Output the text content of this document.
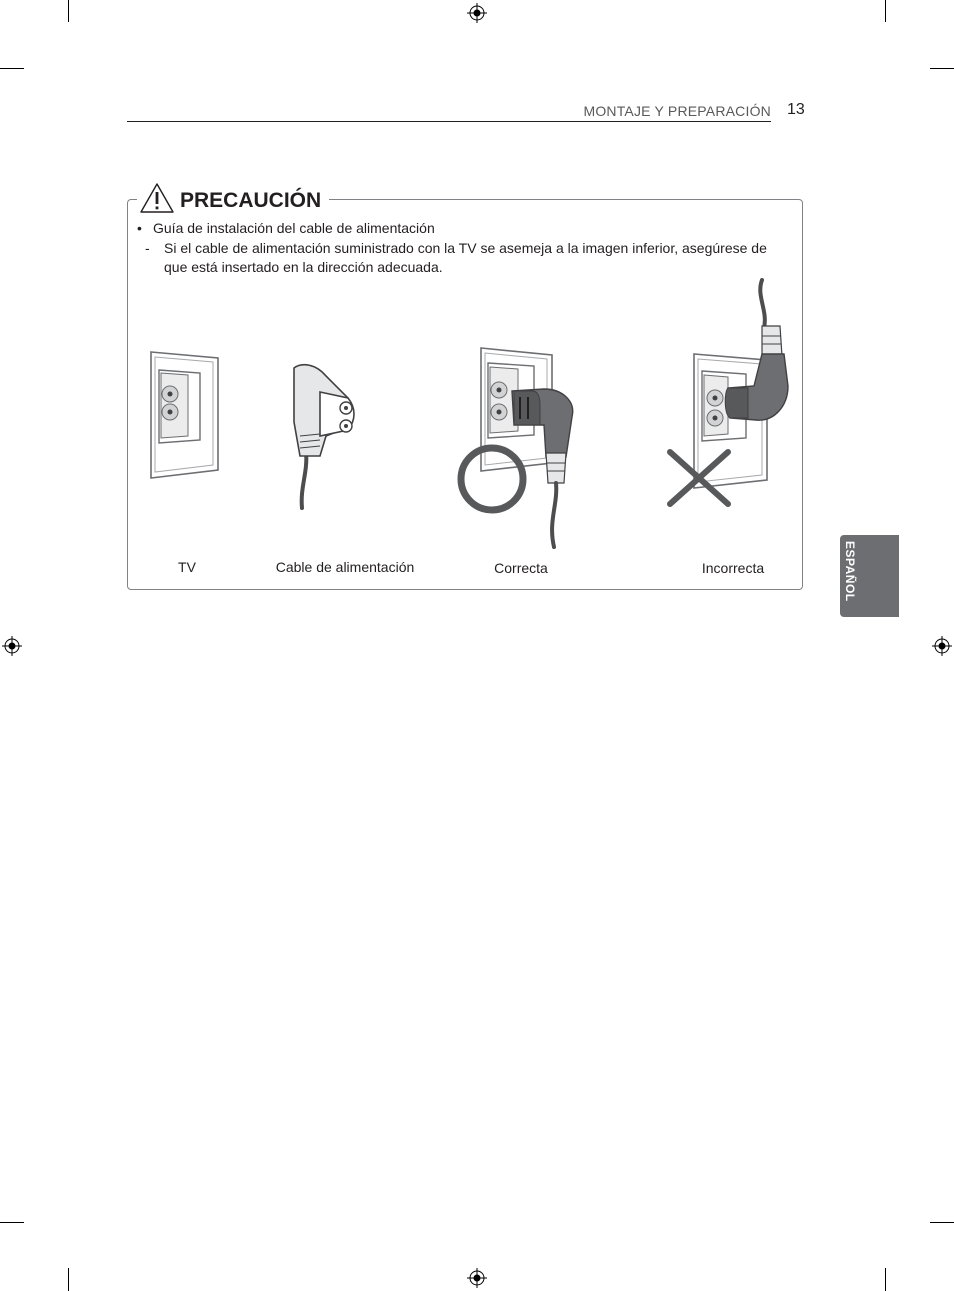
MONTAJE Y PREPARACIÓN 13
PRECAUCIÓN
• Guía de instalación del cable de alimentación
- Si el cable de alimentación suministrado con la TV se asemeja a la imagen inferior, asegúrese de que está insertado en la dirección adecuada.
TV	Cable de alimentación	Correcta	Incorrecta	ESPAÑOL
